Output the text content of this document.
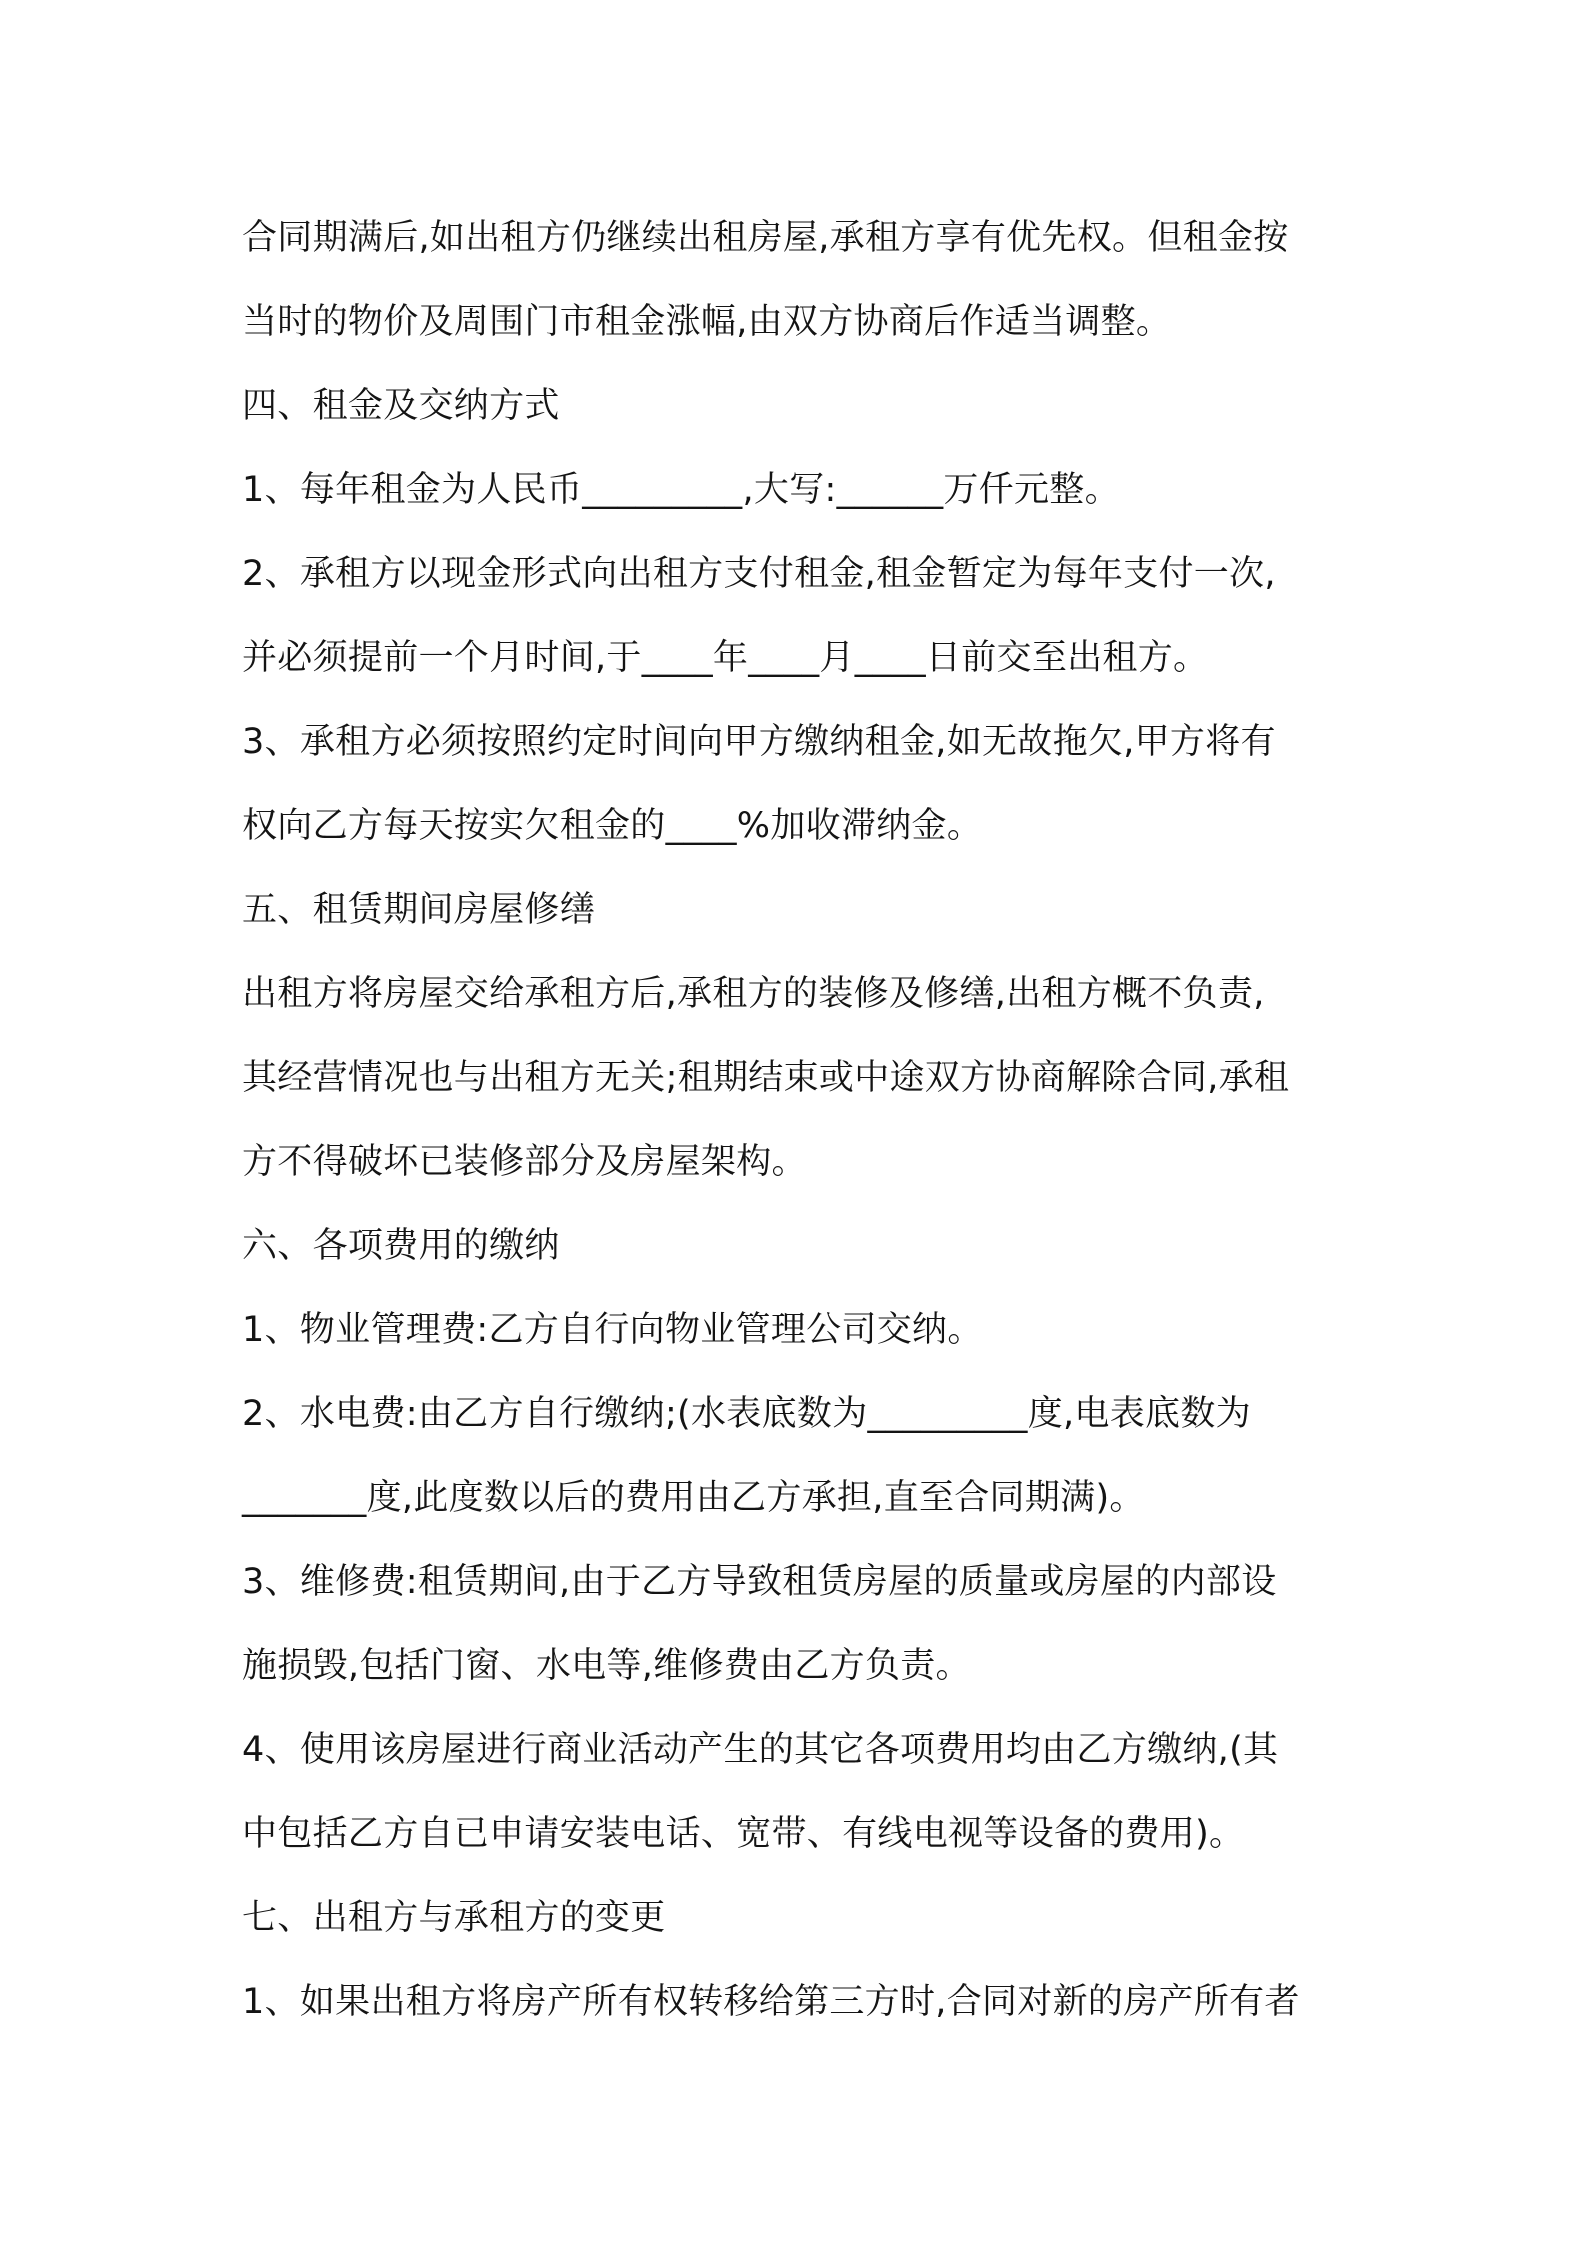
合同期满后,如出租方仍继续出租房屋,承租方享有优先权。但租金按
当时的物价及周围门市租金涨幅,由双方协商后作适当调整。
四、租金及交纳方式
1、每年租金为人民币_________,大写:______万仟元整。
2、承租方以现金形式向出租方支付租金,租金暂定为每年支付一次,
并必须提前一个月时间,于____年____月____日前交至出租方。
3、承租方必须按照约定时间向甲方缴纳租金,如无故拖欠,甲方将有
权向乙方每天按实欠租金的____%加收滞纳金。
五、租赁期间房屋修缮
出租方将房屋交给承租方后,承租方的装修及修缮,出租方概不负责,
其经营情况也与出租方无关;租期结束或中途双方协商解除合同,承租
方不得破坏已装修部分及房屋架构。
六、各项费用的缴纳
1、物业管理费:乙方自行向物业管理公司交纳。
2、水电费:由乙方自行缴纳;(水表底数为_________度,电表底数为
_______度,此度数以后的费用由乙方承担,直至合同期满)。
3、维修费:租赁期间,由于乙方导致租赁房屋的质量或房屋的内部设
施损毁,包括门窗、水电等,维修费由乙方负责。
4、使用该房屋进行商业活动产生的其它各项费用均由乙方缴纳,(其
中包括乙方自已申请安装电话、宽带、有线电视等设备的费用)。
七、出租方与承租方的变更
1、如果出租方将房产所有权转移给第三方时,合同对新的房产所有者
